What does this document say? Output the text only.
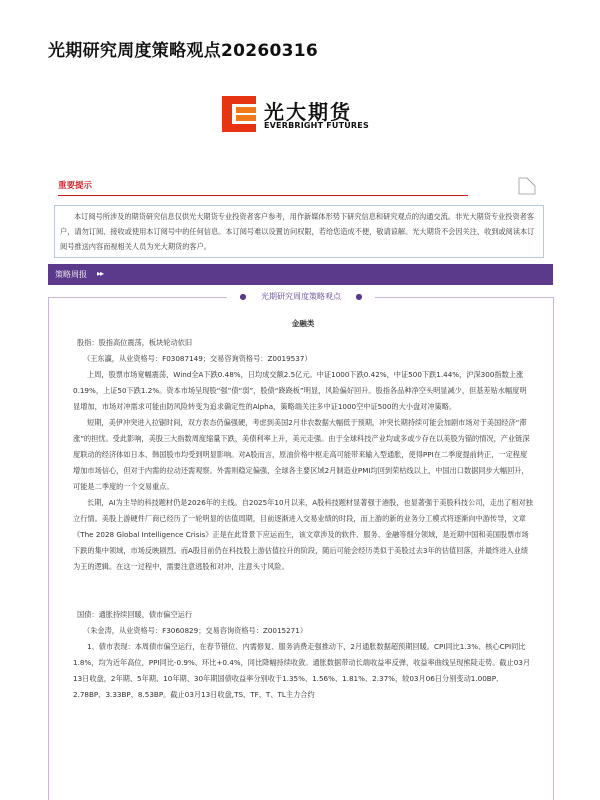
光期研究周度策略观点20260316
光大期货
EVERBRIGHT FUTURES
重要提示

本订阅号所涉及的期货研究信息仅供光大期货专业投资者客户参考，用作新媒体形势下研究信息和研究观点的沟通交流。非光大期货专业投资者客户，请勿订阅、接收或使用本订阅号中的任何信息。本订阅号难以设置访问权限，若给您造成不便，敬请谅解。光大期货不会因关注、收到或阅读本订阅号推送内容而视相关人员为光大期货的客户。

策略周报 ▸▸
● 光期研究周度策略观点 ●

金融类

股指：股指高位震荡，板块轮动依旧

（王东瀛，从业资格号：F03087149；交易咨询资格号：Z0019537）

上周，股票市场宽幅震荡，Wind全A下跌0.48%，日均成交额2.5亿元。中证1000下跌0.42%，中证500下跌1.44%，沪深300指数上涨0.19%，上证50下跌1.2%。资本市场呈现股“强”债“弱”，股债“跷跷板”明显，风险偏好回升。股指各品种净空头明显减少，但基差贴水幅度明显增加，市场对冲需求可能由防风险转变为追求确定性的Alpha，策略端关注多中证1000空中证500的大小盘对冲策略。

短期，美伊冲突进入拉锯时间，双方表态仍偏强硬，考虑到美国2月非农数据大幅低于预期，冲突长期持续可能会加剧市场对于美国经济“滞涨”的担忧。受此影响，美股三大指数周度缩量下跌，美债利率上升，美元走强。由于全球科技产业均或多或少存在以美股为锚的情况，产业链深度联动的经济体如日本、韩国股市均受到明显影响。对A股而言，原油价格中枢走高可能带来输入型通胀，使得PPI在二季度提前转正，一定程度增加市场信心，但对于内需的拉动还需观察。外需则稳定偏强，全球各主要区域2月制造业PMI均回到荣枯线以上，中国出口数据同步大幅回升，可能是二季度的一个交易重点。

长期，AI为主导的科技题材仍是2026年的主线。自2025年10月以来，A股科技题材显著强于港股，也显著强于美股科技公司，走出了相对独立行情。美股上游硬件厂商已经历了一轮明显的估值周期，目前逐渐进入交易业绩的时段，而上游的新的业务分工模式将逐渐向中游传导，文章《The 2028 Global Intelligence Crisis》正是在此背景下应运而生，该文章涉及的软件、服务、金融等细分领域，是近期中国和美国股票市场下跌的集中领域，市场反映剧烈。而A股目前仍在科技股上游估值拉升的阶段，随后可能会经历类似于美股过去3年的估值回落，并最终进入业绩为王的逻辑。在这一过程中，需要注意逃股和对冲，注意头寸风险。

国债：通胀持续回暖，债市偏空运行

（朱金涛，从业资格号：F3060829；交易咨询资格号：Z0015271）

1、债市表现：本周债市偏空运行，在春节错位、内需修复、服务消费走强推动下，2月通胀数据超预期回暖。CPI同比1.3%、核心CPI同比1.8%，均为近年高位，PPI同比-0.9%、环比+0.4%，同比降幅持续收敛。通胀数据带动长端收益率反弹，收益率曲线呈现熊陡走势。截止03月13日收盘，2年期、5年期、10年期、30年期国债收益率分别收于1.35%、1.56%、1.81%、2.37%，较03月06日分别变动1.00BP、2.78BP、3.33BP、8.53BP。截止03月13日收盘,TS、TF、T、TL主力合约
